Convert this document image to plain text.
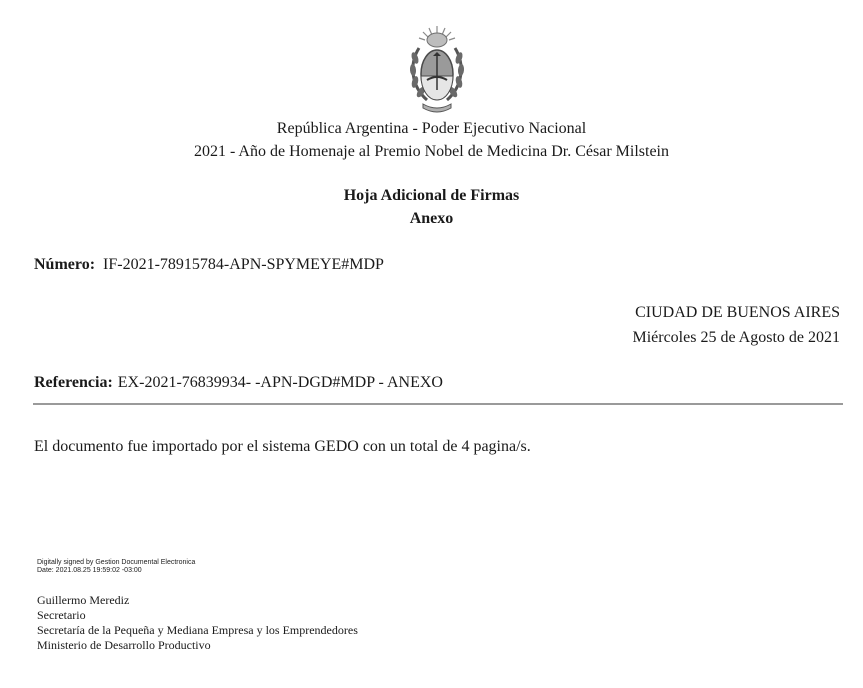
República Argentina - Poder Ejecutivo Nacional
2021 - Año de Homenaje al Premio Nobel de Medicina Dr. César Milstein
Hoja Adicional de Firmas
Anexo
Número: IF-2021-78915784-APN-SPYMEYE#MDP
CIUDAD DE BUENOS AIRES
Miércoles 25 de Agosto de 2021
Referencia: EX-2021-76839934- -APN-DGD#MDP - ANEXO
El documento fue importado por el sistema GEDO con un total de 4 pagina/s.
Digitally signed by Gestion Documental Electronica
Date: 2021.08.25 19:59:02 -03:00
Guillermo Merediz
Secretario
Secretaría de la Pequeña y Mediana Empresa y los Emprendedores
Ministerio de Desarrollo Productivo
